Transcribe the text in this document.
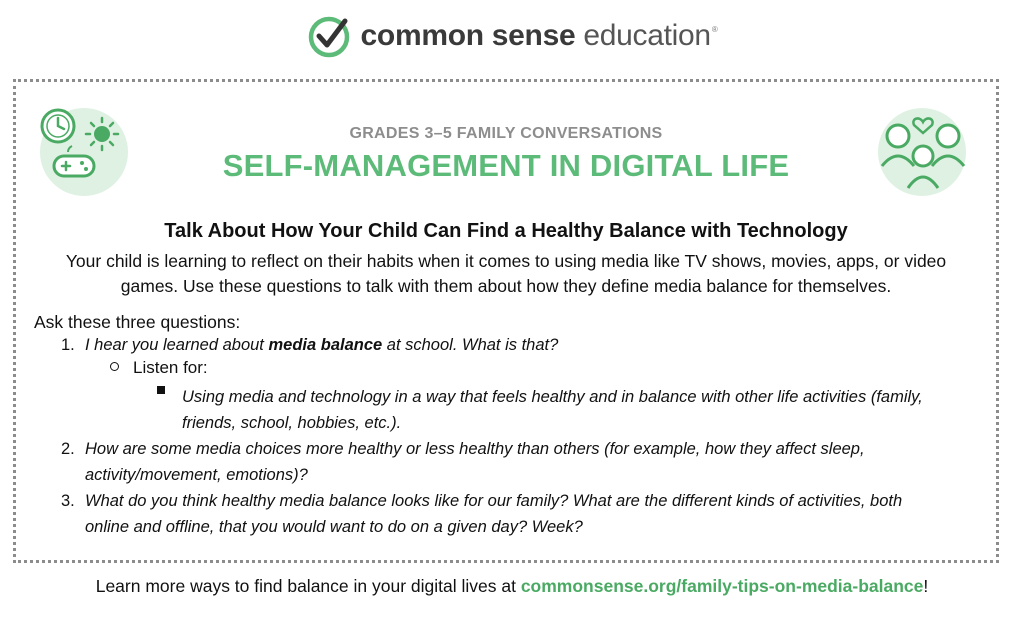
common sense education®
GRADES 3–5 FAMILY CONVERSATIONS
SELF-MANAGEMENT IN DIGITAL LIFE
Talk About How Your Child Can Find a Healthy Balance with Technology
Your child is learning to reflect on their habits when it comes to using media like TV shows, movies, apps, or video
games. Use these questions to talk with them about how they define media balance for themselves.
Ask these three questions:
1. I hear you learned about media balance at school. What is that?
Listen for:
Using media and technology in a way that feels healthy and in balance with other life activities (family,
friends, school, hobbies, etc.).
2. How are some media choices more healthy or less healthy than others (for example, how they affect sleep,
activity/movement, emotions)?
3. What do you think healthy media balance looks like for our family? What are the different kinds of activities, both
online and offline, that you would want to do on a given day? Week?
Learn more ways to find balance in your digital lives at commonsense.org/family-tips-on-media-balance!
